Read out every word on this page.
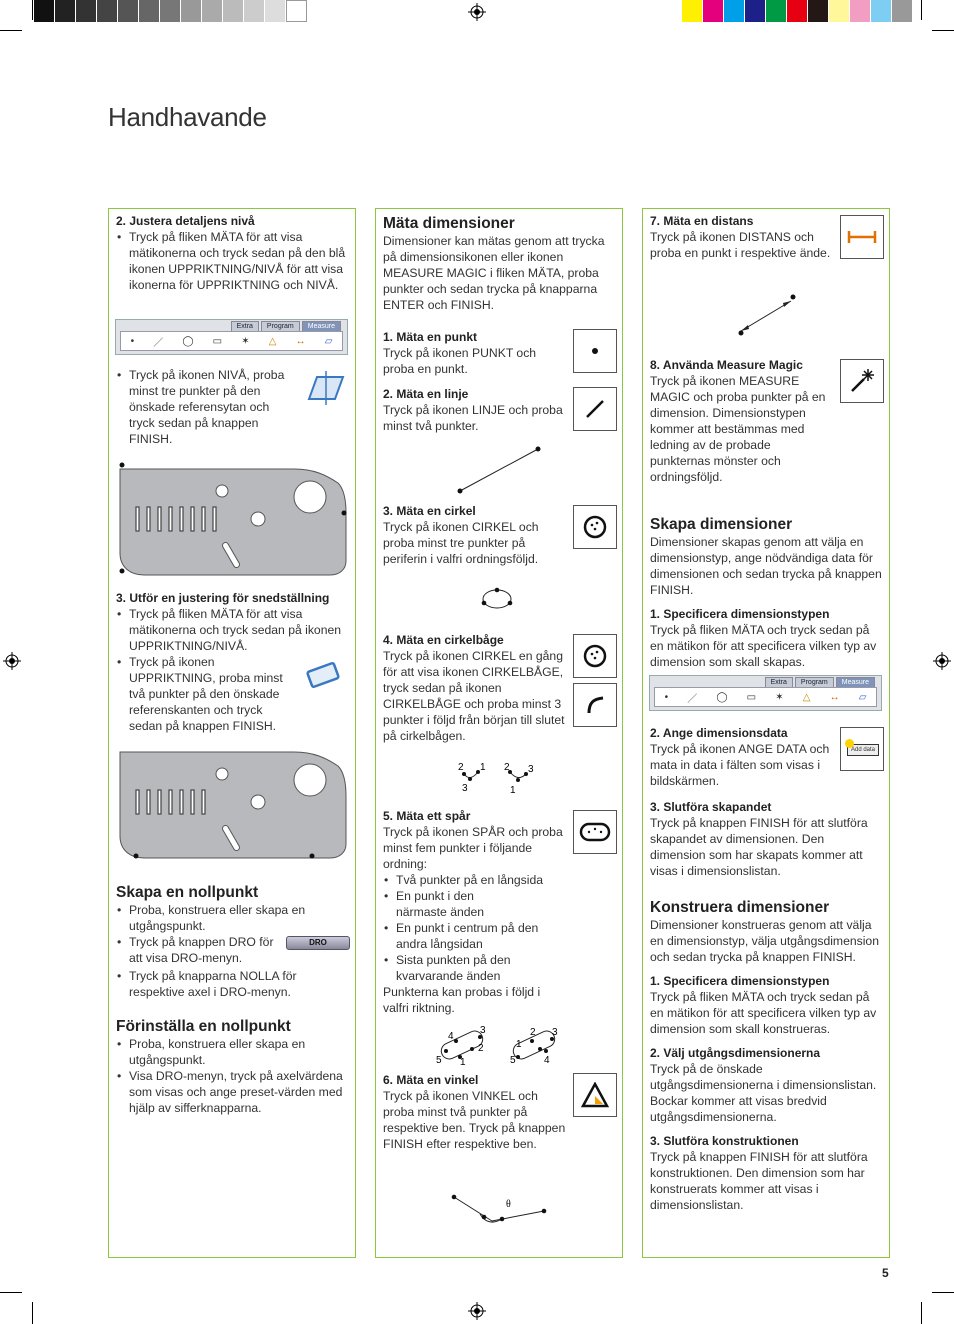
Handhavande
2. Justera detaljens nivå
• Tryck på fliken MÄTA för att visa mätikonerna och tryck sedan på den blå ikonen UPPRIKTNING/NIVÅ för att visa ikonerna för UPPRIKTNING och NIVÅ.
Extra	Program	Measure
• ／ ◯ ▭ ✶ △ ↔ ▱
• Tryck på ikonen NIVÅ, proba minst tre punkter på den önskade referensytan och tryck sedan på knappen FINISH.
3. Utför en justering för snedställning
• Tryck på fliken MÄTA för att visa mätikonerna och tryck sedan på ikonen UPPRIKTNING/NIVÅ.
• Tryck på ikonen UPPRIKTNING, proba minst två punkter på den önskade referenskanten och tryck sedan på knappen FINISH.
Skapa en nollpunkt
• Proba, konstruera eller skapa en utgångspunkt.
• Tryck på knappen DRO för att visa DRO-menyn.
• Tryck på knapparna NOLLA för respektive axel i DRO-menyn.
DRO
Förinställa en nollpunkt
• Proba, konstruera eller skapa en utgångspunkt.
• Visa DRO-menyn, tryck på axelvärdena som visas och ange preset-värden med hjälp av sifferknapparna.
Mäta dimensioner
Dimensioner kan mätas genom att trycka på dimensionsikonen eller ikonen MEASURE MAGIC i fliken MÄTA, proba punkter och sedan trycka på knapparna ENTER och FINISH.
1. Mäta en punkt
Tryck på ikonen PUNKT och proba en punkt.
2. Mäta en linje
Tryck på ikonen LINJE och proba minst två punkter.
3. Mäta en cirkel
Tryck på ikonen CIRKEL och proba minst tre punkter på periferin i valfri ordningsföljd.
4. Mäta en cirkelbåge
Tryck på ikonen CIRKEL en gång för att visa ikonen CIRKELBÅGE, tryck sedan på ikonen CIRKELBÅGE och proba minst 3 punkter i följd från början till slutet på cirkelbågen.
2 1
3
2 3
1
5. Mäta ett spår
Tryck på ikonen SPÅR och proba minst fem punkter i följande ordning:
• Två punkter på en långsida
• En punkt i den närmaste änden
• En punkt i centrum på den andra långsidan
• Sista punkten på den kvarvarande änden
Punkterna kan probas i följd i valfri riktning.
4
3
2
1
5
2 3
1
4
5
6. Mäta en vinkel
Tryck på ikonen VINKEL och proba minst två punkter på respektive ben. Tryck på knappen FINISH efter respektive ben.
θ
7. Mäta en distans
Tryck på ikonen DISTANS och proba en punkt i respektive ände.
8. Använda Measure Magic
Tryck på ikonen MEASURE MAGIC och proba punkter på en dimension. Dimensionstypen kommer att bestämmas med ledning av de probade punkternas mönster och ordningsföljd.
Skapa dimensioner
Dimensioner skapas genom att välja en dimensionstyp, ange nödvändiga data för dimensionen och sedan trycka på knappen FINISH.
1. Specificera dimensionstypen
Tryck på fliken MÄTA och tryck sedan på en mätikon för att specificera vilken typ av dimension som skall skapas.
Extra	Program	Measure
• ／ ◯ ▭ ✶ △ ↔ ▱
2. Ange dimensionsdata
Tryck på ikonen ANGE DATA och mata in data i fälten som visas i bildskärmen.
Add data
3. Slutföra skapandet
Tryck på knappen FINISH för att slutföra skapandet av dimensionen. Den dimension som har skapats kommer att visas i dimensionslistan.
Konstruera dimensioner
Dimensioner konstrueras genom att välja en dimensionstyp, välja utgångsdimension och sedan trycka på knappen FINISH.
1. Specificera dimensionstypen
Tryck på fliken MÄTA och tryck sedan på en mätikon för att specificera vilken typ av dimension som skall konstrueras.
2. Välj utgångsdimensionerna
Tryck på de önskade utgångsdimensionerna i dimensionslistan. Bockar kommer att visas bredvid utgångsdimensionerna.
3. Slutföra konstruktionen
Tryck på knappen FINISH för att slutföra konstruktionen. Den dimension som har konstruerats kommer att visas i dimensionslistan.
5
